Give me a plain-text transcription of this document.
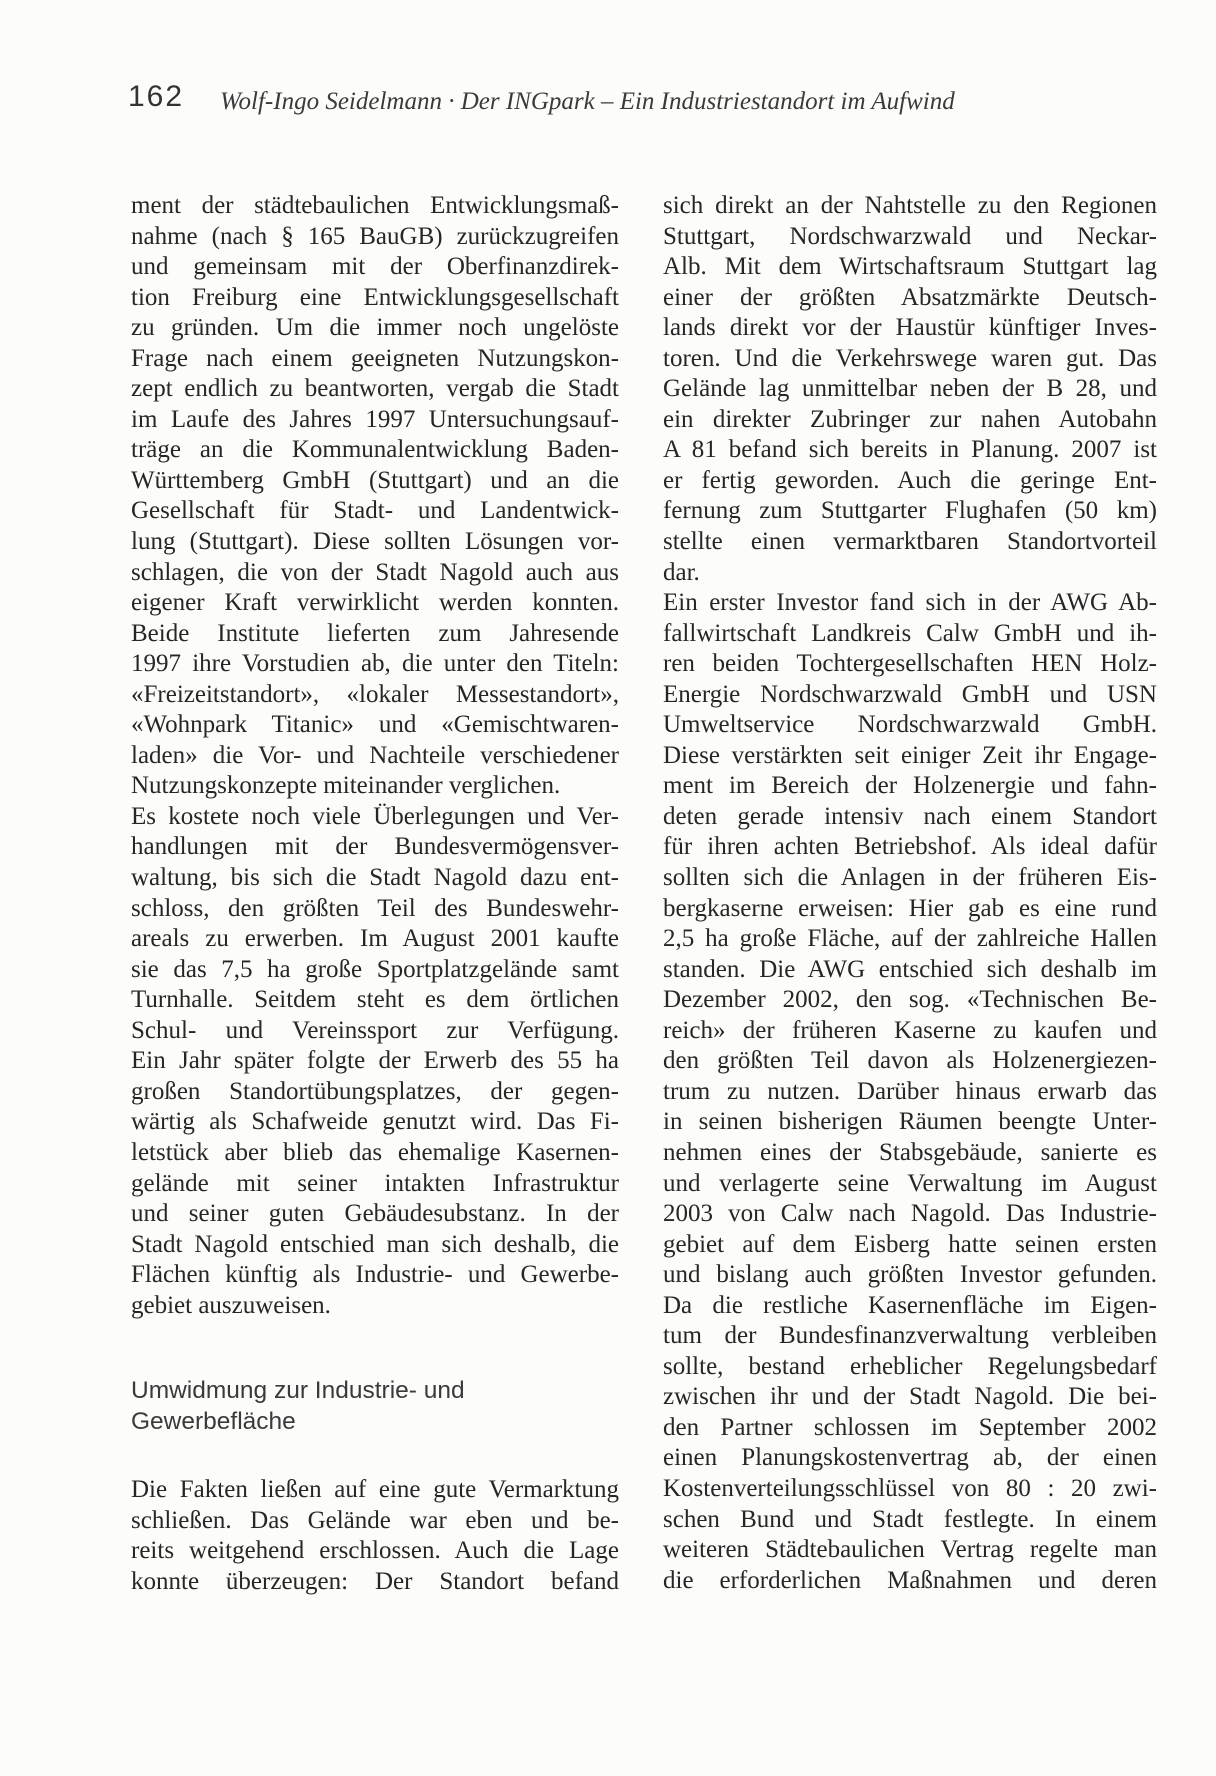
162 Wolf-Ingo Seidelmann · Der INGpark – Ein Industriestandort im Aufwind
ment der städtebaulichen Entwicklungsmaß-
nahme (nach § 165 BauGB) zurückzugreifen
und gemeinsam mit der Oberfinanzdirek-
tion Freiburg eine Entwicklungsgesellschaft
zu gründen. Um die immer noch ungelöste
Frage nach einem geeigneten Nutzungskon-
zept endlich zu beantworten, vergab die Stadt
im Laufe des Jahres 1997 Untersuchungsauf-
träge an die Kommunalentwicklung Baden-
Württemberg GmbH (Stuttgart) und an die
Gesellschaft für Stadt- und Landentwick-
lung (Stuttgart). Diese sollten Lösungen vor-
schlagen, die von der Stadt Nagold auch aus
eigener Kraft verwirklicht werden konnten.
Beide Institute lieferten zum Jahresende
1997 ihre Vorstudien ab, die unter den Titeln:
«Freizeitstandort», «lokaler Messestandort»,
«Wohnpark Titanic» und «Gemischtwaren-
laden» die Vor- und Nachteile verschiedener
Nutzungskonzepte miteinander verglichen.
Es kostete noch viele Überlegungen und Ver-
handlungen mit der Bundesvermögensver-
waltung, bis sich die Stadt Nagold dazu ent-
schloss, den größten Teil des Bundeswehr-
areals zu erwerben. Im August 2001 kaufte
sie das 7,5 ha große Sportplatzgelände samt
Turnhalle. Seitdem steht es dem örtlichen
Schul- und Vereinssport zur Verfügung.
Ein Jahr später folgte der Erwerb des 55 ha
großen Standortübungsplatzes, der gegen-
wärtig als Schafweide genutzt wird. Das Fi-
letstück aber blieb das ehemalige Kasernen-
gelände mit seiner intakten Infrastruktur
und seiner guten Gebäudesubstanz. In der
Stadt Nagold entschied man sich deshalb, die
Flächen künftig als Industrie- und Gewerbe-
gebiet auszuweisen.
Umwidmung zur Industrie- und
Gewerbefläche
Die Fakten ließen auf eine gute Vermarktung
schließen. Das Gelände war eben und be-
reits weitgehend erschlossen. Auch die Lage
konnte überzeugen: Der Standort befand
sich direkt an der Nahtstelle zu den Regionen
Stuttgart, Nordschwarzwald und Neckar-
Alb. Mit dem Wirtschaftsraum Stuttgart lag
einer der größten Absatzmärkte Deutsch-
lands direkt vor der Haustür künftiger Inves-
toren. Und die Verkehrswege waren gut. Das
Gelände lag unmittelbar neben der B 28, und
ein direkter Zubringer zur nahen Autobahn
A 81 befand sich bereits in Planung. 2007 ist
er fertig geworden. Auch die geringe Ent-
fernung zum Stuttgarter Flughafen (50 km)
stellte einen vermarktbaren Standortvorteil
dar.
Ein erster Investor fand sich in der AWG Ab-
fallwirtschaft Landkreis Calw GmbH und ih-
ren beiden Tochtergesellschaften HEN Holz-
Energie Nordschwarzwald GmbH und USN
Umweltservice Nordschwarzwald GmbH.
Diese verstärkten seit einiger Zeit ihr Engage-
ment im Bereich der Holzenergie und fahn-
deten gerade intensiv nach einem Standort
für ihren achten Betriebshof. Als ideal dafür
sollten sich die Anlagen in der früheren Eis-
bergkaserne erweisen: Hier gab es eine rund
2,5 ha große Fläche, auf der zahlreiche Hallen
standen. Die AWG entschied sich deshalb im
Dezember 2002, den sog. «Technischen Be-
reich» der früheren Kaserne zu kaufen und
den größten Teil davon als Holzenergiezen-
trum zu nutzen. Darüber hinaus erwarb das
in seinen bisherigen Räumen beengte Unter-
nehmen eines der Stabsgebäude, sanierte es
und verlagerte seine Verwaltung im August
2003 von Calw nach Nagold. Das Industrie-
gebiet auf dem Eisberg hatte seinen ersten
und bislang auch größten Investor gefunden.
Da die restliche Kasernenfläche im Eigen-
tum der Bundesfinanzverwaltung verbleiben
sollte, bestand erheblicher Regelungsbedarf
zwischen ihr und der Stadt Nagold. Die bei-
den Partner schlossen im September 2002
einen Planungskostenvertrag ab, der einen
Kostenverteilungsschlüssel von 80 : 20 zwi-
schen Bund und Stadt festlegte. In einem
weiteren Städtebaulichen Vertrag regelte man
die erforderlichen Maßnahmen und deren
